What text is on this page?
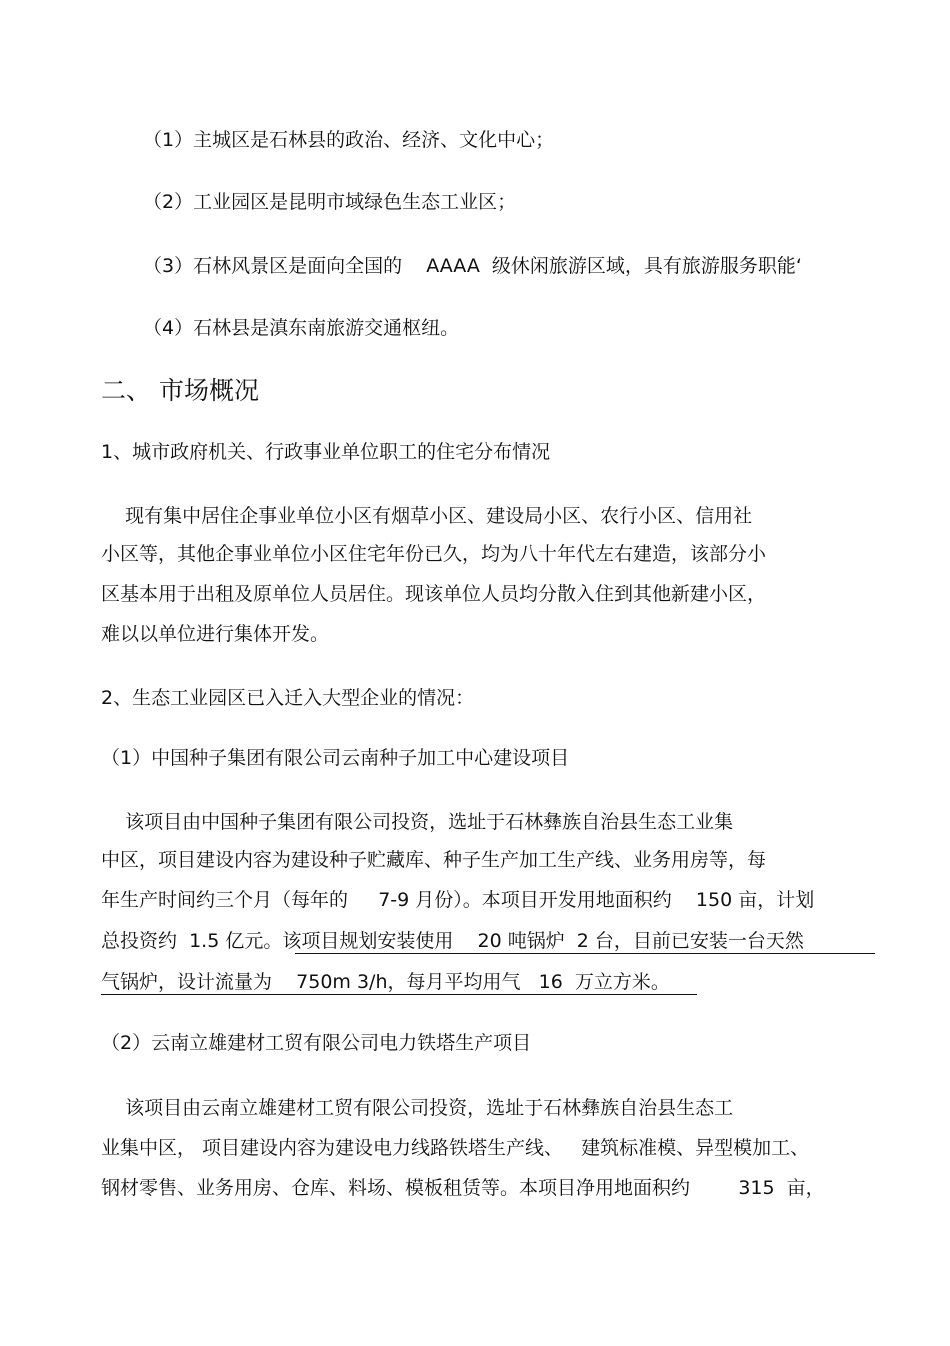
（1）主城区是石林县的政治、经济、文化中心；
（2）工业园区是昆明市域绿色生态工业区；
（3）石林风景区是面向全国的    AAAA  级休闲旅游区域，具有旅游服务职能‘
（4）石林县是滇东南旅游交通枢纽。
二、 市场概况
1、城市政府机关、行政事业单位职工的住宅分布情况
现有集中居住企事业单位小区有烟草小区、建设局小区、农行小区、信用社
小区等，其他企事业单位小区住宅年份已久，均为八十年代左右建造，该部分小
区基本用于出租及原单位人员居住。现该单位人员均分散入住到其他新建小区，
难以以单位进行集体开发。
2、生态工业园区已入迁入大型企业的情况：
（1）中国种子集团有限公司云南种子加工中心建设项目
该项目由中国种子集团有限公司投资，选址于石林彝族自治县生态工业集
中区，项目建设内容为建设种子贮藏库、种子生产加工生产线、业务用房等，每
年生产时间约三个月（每年的     7-9 月份）。本项目开发用地面积约    150 亩，计划
总投资约  1.5 亿元。该项目规划安装使用    20 吨锅炉  2 台，目前已安装一台天然
气锅炉，设计流量为    750m 3/h，每月平均用气   16  万立方米。
（2）云南立雄建材工贸有限公司电力铁塔生产项目
该项目由云南立雄建材工贸有限公司投资，选址于石林彝族自治县生态工
业集中区， 项目建设内容为建设电力线路铁塔生产线、   建筑标准模、异型模加工、
钢材零售、业务用房、仓库、料场、模板租赁等。本项目净用地面积约        315  亩，
